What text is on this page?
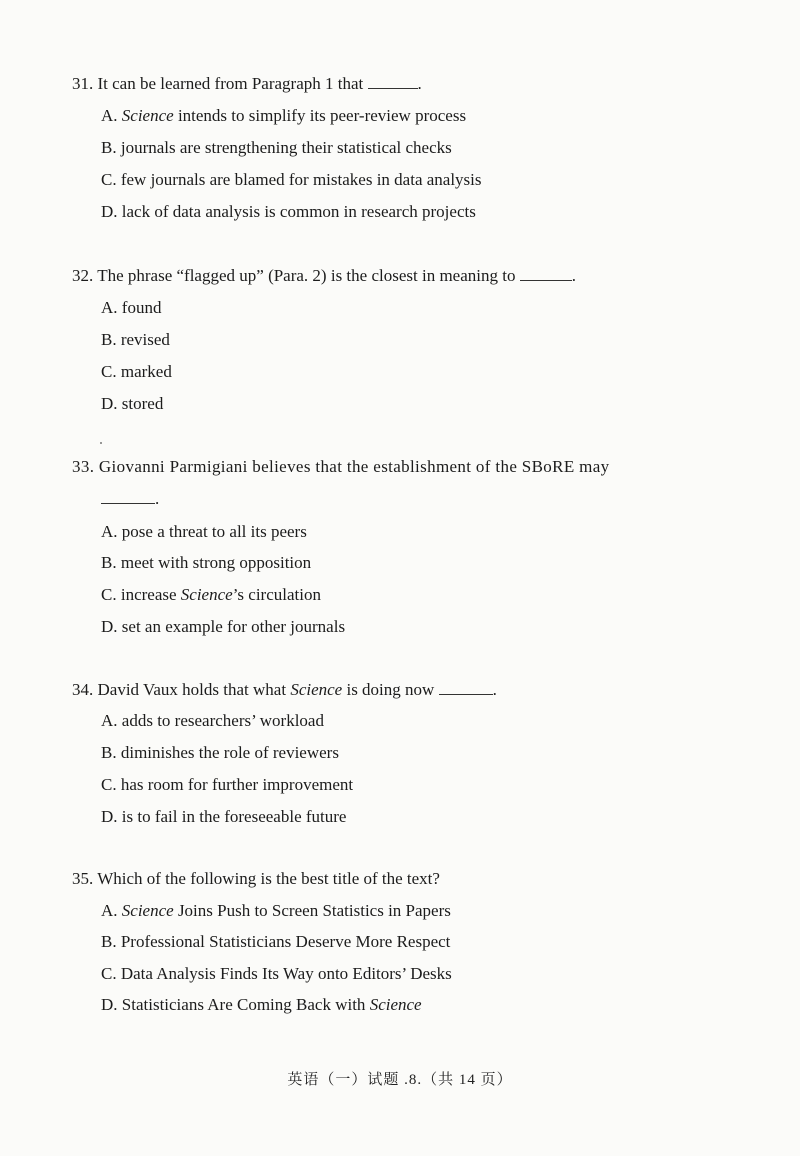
31. It can be learned from Paragraph 1 that	.
A. Science intends to simplify its peer-review process
B. journals are strengthening their statistical checks
C. few journals are blamed for mistakes in data analysis
D. lack of data analysis is common in research projects
32. The phrase “flagged up” (Para. 2) is the closest in meaning to	.
A. found
B. revised
C. marked
D. stored
33. Giovanni Parmigiani believes that the establishment of the SBoRE may
.
A. pose a threat to all its peers
B. meet with strong opposition
C. increase Science’s circulation
D. set an example for other journals
34. David Vaux holds that what Science is doing now	.
A. adds to researchers’ workload
B. diminishes the role of reviewers
C. has room for further improvement
D. is to fail in the foreseeable future
35. Which of the following is the best title of the text?
A. Science Joins Push to Screen Statistics in Papers
B. Professional Statisticians Deserve More Respect
C. Data Analysis Finds Its Way onto Editors’ Desks
D. Statisticians Are Coming Back with Science
英语（一）试题 .8.（共 14 页）
